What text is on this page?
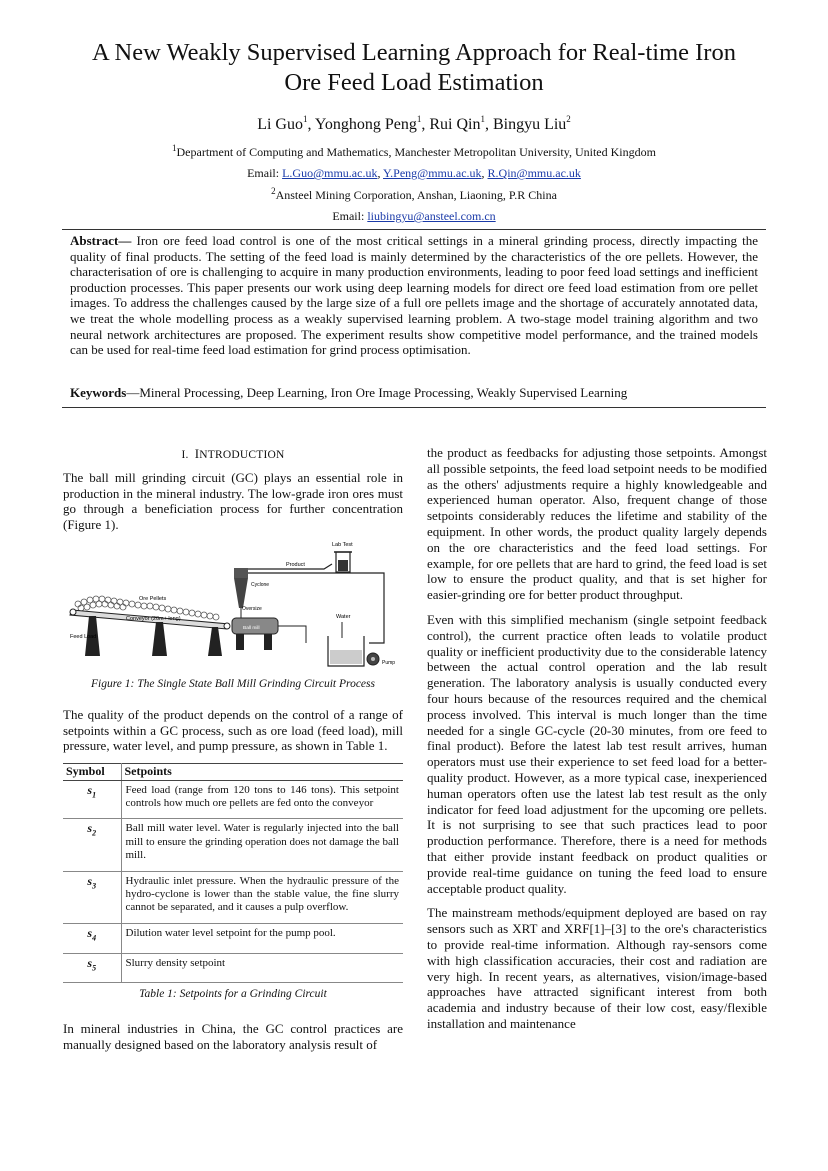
A New Weakly Supervised Learning Approach for Real-time Iron
Ore Feed Load Estimation
Li Guo$^1$, Yonghong Peng$^1$, Rui Qin$^1$, Bingyu Liu$^2$
$^1$Department of Computing and Mathematics, Manchester Metropolitan University, United Kingdom
Email: L.Guo@mmu.ac.uk, Y.Peng@mmu.ac.uk, R.Qin@mmu.ac.uk
$^2$Ansteel Mining Corporation, Anshan, Liaoning, P.R China
Email: liubingyu@ansteel.com.cn
Abstract— Iron ore feed load control is one of the most critical settings in a mineral grinding process, directly impacting the quality of final products. The setting of the feed load is mainly determined by the characteristics of the ore pellets. However, the characterisation of ore is challenging to acquire in many production environments, leading to poor feed load settings and inefficient production processes. This paper presents our work using deep learning models for direct ore feed load estimation from ore pellet images. To address the challenges caused by the large size of a full ore pellets image and the shortage of accurately annotated data, we treat the whole modelling process as a weakly supervised learning problem. A two-stage model training algorithm and two neural network architectures are proposed. The experiment results show competitive model performance, and the trained models can be used for real-time feed load estimation for grind process optimisation.
Keywords—Mineral Processing, Deep Learning, Iron Ore Image Processing, Weakly Supervised Learning
I. INTRODUCTION

The ball mill grinding circuit (GC) plays an essential role in production in the mineral industry. The low-grade iron ores must go through a beneficiation process for further concentration (Figure 1).

Lab Test
Product
Cyclone
Oversize
Ore Pellets
Conveyor (20m+ long)
Feed Load
Ball mill
Water
Pump
Figure 1: The Single State Ball Mill Grinding Circuit Process

The quality of the product depends on the control of a range of setpoints within a GC process, such as ore load (feed load), mill pressure, water level, and pump pressure, as shown in Table 1.

Symbol	Setpoints
$s_1$	Feed load (range from 120 tons to 146 tons). This setpoint controls how much ore pellets are fed onto the conveyor
$s_2$	Ball mill water level. Water is regularly injected into the ball mill to ensure the grinding operation does not damage the ball mill.
$s_3$	Hydraulic inlet pressure. When the hydraulic pressure of the hydro-cyclone is lower than the stable value, the fine slurry cannot be separated, and it causes a pulp overflow.
$s_4$	Dilution water level setpoint for the pump pool.
$s_5$	Slurry density setpoint
Table 1: Setpoints for a Grinding Circuit

In mineral industries in China, the GC control practices are manually designed based on the laboratory analysis result of

the product as feedbacks for adjusting those setpoints. Amongst all possible setpoints, the feed load setpoint needs to be modified as the others' adjustments require a highly knowledgeable and experienced human operator. Also, frequent change of those setpoints considerably reduces the lifetime and stability of the equipment. In other words, the product quality largely depends on the ore characteristics and the feed load settings. For example, for ore pellets that are hard to grind, the feed load is set low to ensure the product quality, and that is set higher for easier-grinding ore for better product throughput.

Even with this simplified mechanism (single setpoint feedback control), the current practice often leads to volatile product quality or inefficient productivity due to the considerable latency between the actual control operation and the lab result generation. The laboratory analysis is usually conducted every four hours because of the resources required and the chemical process involved. This interval is much longer than the time needed for a single GC-cycle (20-30 minutes, from ore feed to final product). Before the latest lab test result arrives, human operators must use their experience to set feed load for a better-quality product. However, as a more typical case, inexperienced human operators often use the latest lab test result as the only indicator for feed load adjustment for the upcoming ore pellets. It is not surprising to see that such practices lead to poor production performance. Therefore, there is a need for methods that either provide instant feedback on product qualities or provide real-time guidance on tuning the feed load to ensure acceptable product quality.

The mainstream methods/equipment deployed are based on ray sensors such as XRT and XRF[1]–[3] to the ore's characteristics to provide real-time information. Although ray-sensors come with high classification accuracies, their cost and radiation are very high. In recent years, as alternatives, vision/image-based approaches have attracted significant interest from both academia and industry because of their low cost, easy/flexible installation and maintenance
